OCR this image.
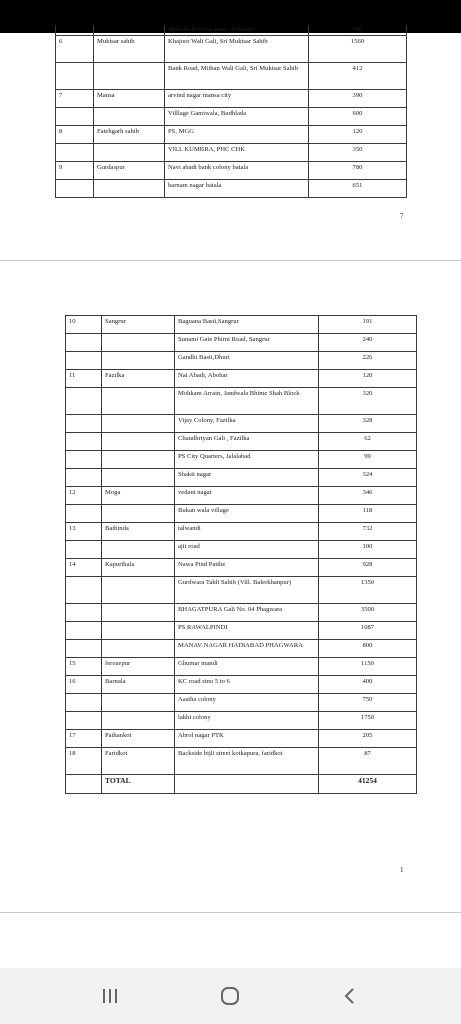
		Mohalla Ravidas pura , Nakodar	700
6	Muktsar sahib	Khajoor Wali Gali, Sri Muktsar Sahib	1560
		Bank Road, Mithan Wali Gali, Sri Muktsar Sahib	412
7	Mansa	arvind nagar mansa city	390
		Villlage Gamiwala, Budhlada	600
8	Fatehgarh sahib	PS, MGG	120
		VILL KUMBRA, PHC CHK	350
9	Gurdaspur	Navi abadi bank colony batala	780
		harnam nagar batala	651
7
10	Sangrur	Baguana Basti,Sangrur	191
		Sunami Gate Phirni Road, Sangrur	240
		Gandhi Basti,Dhuri	226
11	Fazilka	Nai Abadi, Abohar	120
		Mohkam Arrain, Jandwala Bhime Shah Block	320
		Vijay Colony, Fazilka	328
		Chaudhriyan Gali , Fazilka	62
		PS City Quarters, Jalalabad	99
		Shakti nagar	324
12	Moga	vedant nagar	346
		Bukan wala village	118
13	Bathinda	talwandi	732
		ajit road	100
14	Kapurthala	Nawa Pind Patthe	928
		Gurdwara Tahli Sahib (Vill. Balerkhanpur)	1350
		BHAGATPURA Gali No. 04 Phagwara	3500
		PS RAWALPINDI	1087
		MANAV NAGAR HADIABAD PHAGWARA	800
15	ferozepur	Ghumar mandi	1150
16	Barnala	KC road stno 5 to 6	400
		Aastha colony	750
		lakhi colony	1750
17	Pathankot	Abrol nagar PTK	205
18	Faridkot	Backside bijli street kotkapura, faridkot	87
	TOTAL		41254
1
